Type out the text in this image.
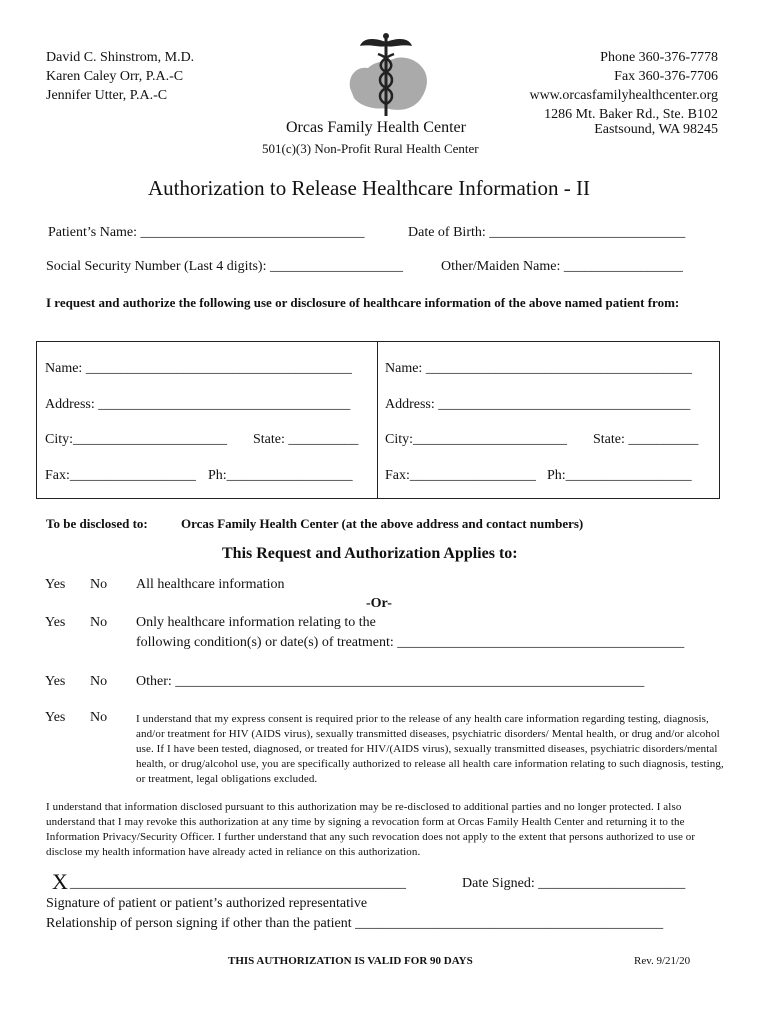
David C. Shinstrom, M.D.
Karen Caley Orr, P.A.-C
Jennifer Utter, P.A.-C
Phone 360-376-7778
Fax 360-376-7706
www.orcasfamilyhealthcenter.org
1286 Mt. Baker Rd., Ste. B102
Orcas Family Health Center	Eastsound, WA 98245
501(c)(3) Non-Profit Rural Health Center
Authorization to Release Healthcare Information - II
Patient’s Name: ________________________________	Date of Birth: ____________________________
Social Security Number (Last 4 digits): ___________________	Other/Maiden Name: _________________
I request and authorize the following use or disclosure of healthcare information of the above named patient from:
Name: ______________________________________
Address: ____________________________________
City:______________________ State: __________
Fax:__________________ Ph:__________________
Name: ______________________________________
Address: ____________________________________
City:______________________ State: __________
Fax:__________________ Ph:__________________
To be disclosed to:	Orcas Family Health Center (at the above address and contact numbers)
This Request and Authorization Applies to:
Yes No All healthcare information
-Or-
Yes No Only healthcare information relating to the
following condition(s) or date(s) of treatment: _________________________________________
Yes No Other: ___________________________________________________________________
Yes No	I understand that my express consent is required prior to the release of any health care information regarding testing, diagnosis, and/or treatment for HIV (AIDS virus), sexually transmitted diseases, psychiatric disorders/ Mental health, or drug and/or alcohol use. If I have been tested, diagnosed, or treated for HIV/(AIDS virus), sexually transmitted diseases, psychiatric disorders/mental health, or drug/alcohol use, you are specifically authorized to release all health care information relating to such diagnosis, testing, or treatment, legal obligations excluded.
I understand that information disclosed pursuant to this authorization may be re-disclosed to additional parties and no longer protected. I also understand that I may revoke this authorization at any time by signing a revocation form at Orcas Family Health Center and returning it to the Information Privacy/Security Officer. I further understand that any such revocation does not apply to the extent that persons authorized to use or disclose my health information have already acted in reliance on this authorization.
X ________________________________________________	Date Signed: _____________________
Signature of patient or patient’s authorized representative
Relationship of person signing if other than the patient ____________________________________________
THIS AUTHORIZATION IS VALID FOR 90 DAYS	Rev. 9/21/20
